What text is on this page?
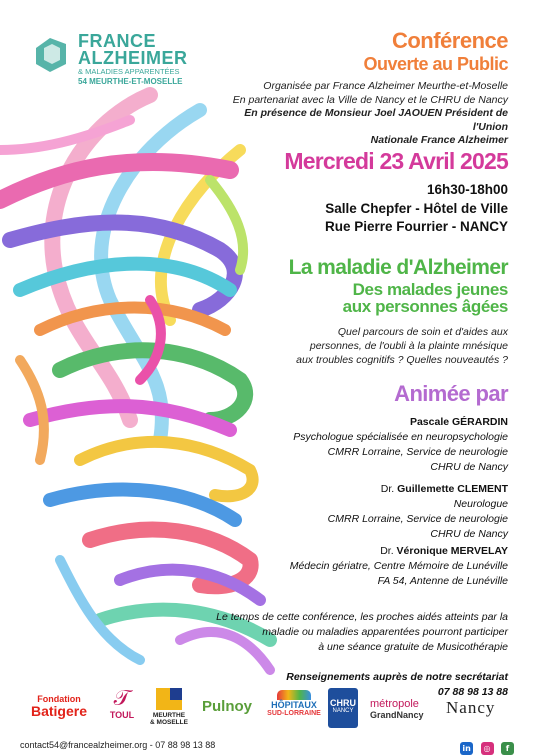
FRANCE
ALZHEIMER
& MALADIES APPARENTÉES
54 MEURTHE-ET-MOSELLE
Conférence
Ouverte au Public
Organisée par France Alzheimer Meurthe-et-Moselle
En partenariat avec la Ville de Nancy et le CHRU de Nancy
En présence de Monsieur Joel JAOUEN Président de l'Union
Nationale France Alzheimer
Mercredi 23 Avril 2025
16h30-18h00
Salle Chepfer - Hôtel de Ville
Rue Pierre Fourrier - NANCY
La maladie d'Alzheimer
Des malades jeunes
aux personnes âgées
Quel parcours de soin et d'aides aux
personnes, de l'oubli à la plainte mnésique
aux troubles cognitifs ? Quelles nouveautés ?
Animée par
Pascale GÉRARDIN
Psychologue spécialisée en neuropsychologie
CMRR Lorraine, Service de neurologie
CHRU de Nancy
Dr. Guillemette CLEMENT
Neurologue
CMRR Lorraine, Service de neurologie
CHRU de Nancy
Dr. Véronique MERVELAY
Médecin gériatre, Centre Mémoire de Lunéville
FA 54, Antenne de Lunéville
Le temps de cette conférence, les proches aidés atteints par la
maladie ou maladies apparentées pourront participer
à une séance gratuite de Musicothérapie
Renseignements auprès de notre secrétariat
07 88 98 13 88
Fondation
Batigere	𝒯
TOUL	MEURTHE & MOSELLE
Pulnoy	HÔPITAUX
SUD-LORRAINE
CHRU
NANCY
métropole
GrandNancy	Nancy
contact54@francealzheimer.org - 07 88 98 13 88	in ◎ f
